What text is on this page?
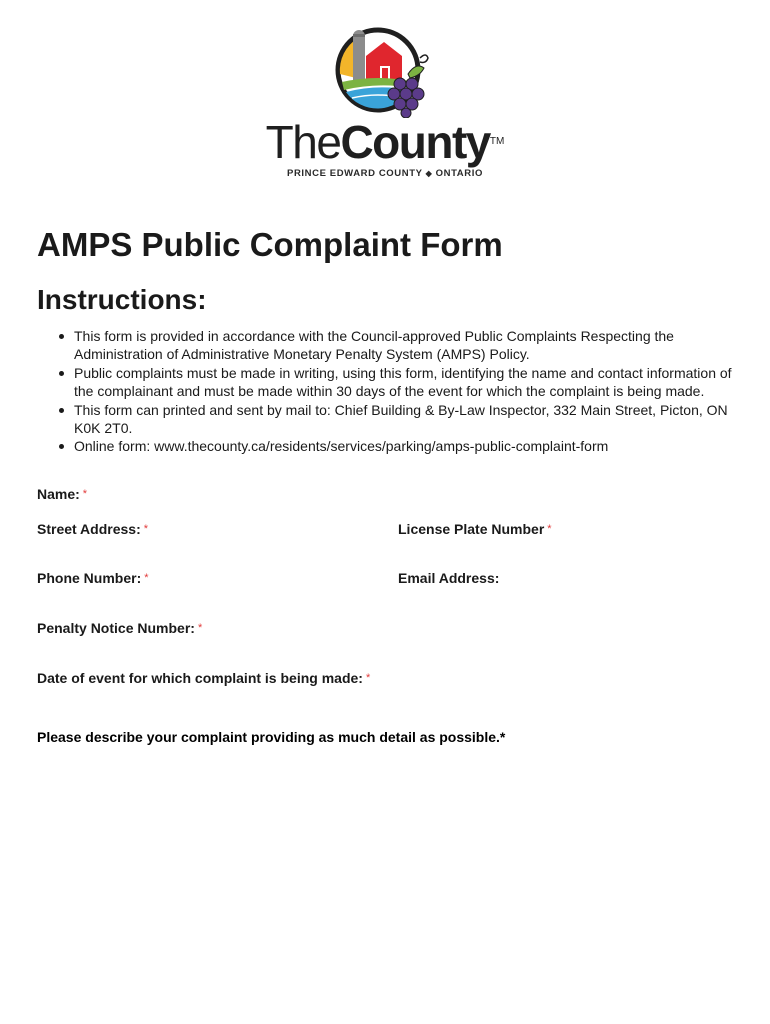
TheCounty™
PRINCE EDWARD COUNTY ◆ ONTARIO
AMPS Public Complaint Form
Instructions:
This form is provided in accordance with the Council-approved Public Complaints Respecting the Administration of Administrative Monetary Penalty System (AMPS) Policy.
Public complaints must be made in writing, using this form, identifying the name and contact information of the complainant and must be made within 30 days of the event for which the complaint is being made.
This form can printed and sent by mail to: Chief Building & By-Law Inspector, 332 Main Street, Picton, ON K0K 2T0.
Online form: www.thecounty.ca/residents/services/parking/amps-public-complaint-form
Name: *
Street Address: *	License Plate Number *
Phone Number: *	Email Address:
Penalty Notice Number: *
Date of event for which complaint is being made: *
Please describe your complaint providing as much detail as possible.*
